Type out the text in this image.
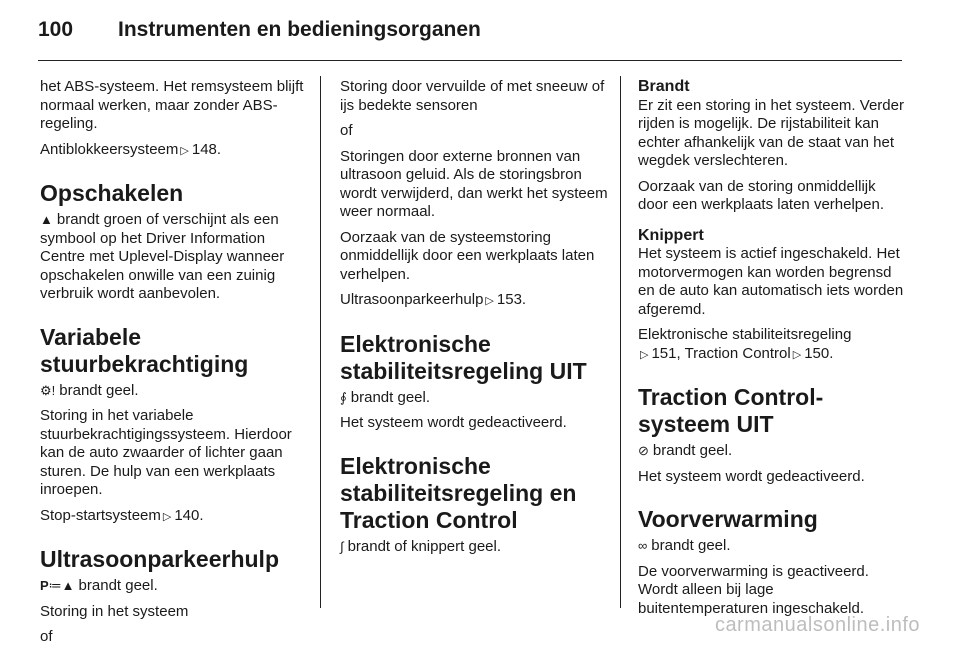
100 Instrumenten en bedieningsorganen

het ABS-systeem. Het remsysteem blijft normaal werken, maar zonder ABS-regeling.

Antiblokkeersysteem ▷ 148.

Opschakelen

▲ brandt groen of verschijnt als een symbool op het Driver Information Centre met Uplevel-Display wanneer opschakelen onwille van een zuinig verbruik wordt aanbevolen.

Variabele stuurbekrachtiging

⚙! brandt geel.

Storing in het variabele stuurbekrachtigingssysteem. Hierdoor kan de auto zwaarder of lichter gaan sturen. De hulp van een werkplaats inroepen.

Stop-startsysteem ▷ 140.

Ultrasoonparkeerhulp

P≔▲ brandt geel.

Storing in het systeem

of

Storing door vervuilde of met sneeuw of ijs bedekte sensoren

of

Storingen door externe bronnen van ultrasoon geluid. Als de storingsbron wordt verwijderd, dan werkt het systeem weer normaal.

Oorzaak van de systeemstoring onmiddellijk door een werkplaats laten verhelpen.

Ultrasoonparkeerhulp ▷ 153.

Elektronische stabiliteitsregeling UIT

∮ brandt geel.

Het systeem wordt gedeactiveerd.

Elektronische stabiliteitsregeling en Traction Control

∫ brandt of knippert geel.

Brandt

Er zit een storing in het systeem. Verder rijden is mogelijk. De rijstabiliteit kan echter afhankelijk van de staat van het wegdek verslechteren.

Oorzaak van de storing onmiddellijk door een werkplaats laten verhelpen.

Knippert

Het systeem is actief ingeschakeld. Het motorvermogen kan worden begrensd en de auto kan automatisch iets worden afgeremd.

Elektronische stabiliteitsregeling
▷ 151, Traction Control ▷ 150.

Traction Control-systeem UIT

⊘ brandt geel.

Het systeem wordt gedeactiveerd.

Voorverwarming

∞ brandt geel.

De voorverwarming is geactiveerd. Wordt alleen bij lage buitentemperaturen ingeschakeld.

carmanualsonline.info
